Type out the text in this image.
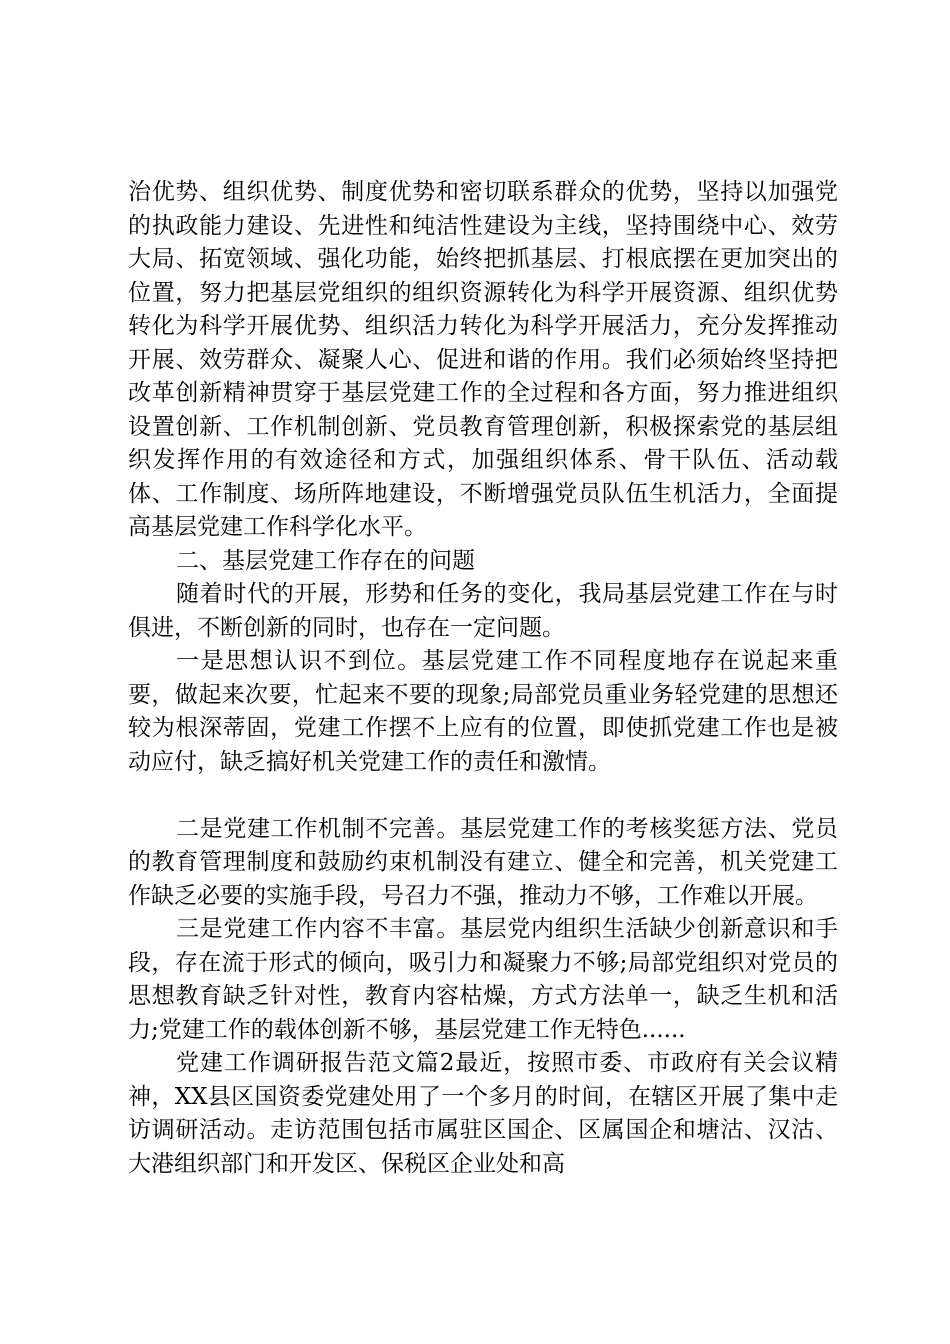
治优势、组织优势、制度优势和密切联系群众的优势，坚持以加强党的执政能力建设、先进性和纯洁性建设为主线，坚持围绕中心、效劳大局、拓宽领域、强化功能，始终把抓基层、打根底摆在更加突出的位置，努力把基层党组织的组织资源转化为科学开展资源、组织优势转化为科学开展优势、组织活力转化为科学开展活力，充分发挥推动开展、效劳群众、凝聚人心、促进和谐的作用。我们必须始终坚持把改革创新精神贯穿于基层党建工作的全过程和各方面，努力推进组织设置创新、工作机制创新、党员教育管理创新，积极探索党的基层组织发挥作用的有效途径和方式，加强组织体系、骨干队伍、活动载体、工作制度、场所阵地建设，不断增强党员队伍生机活力，全面提高基层党建工作科学化水平。

二、基层党建工作存在的问题

随着时代的开展，形势和任务的变化，我局基层党建工作在与时俱进，不断创新的同时，也存在一定问题。

一是思想认识不到位。基层党建工作不同程度地存在说起来重要，做起来次要，忙起来不要的现象;局部党员重业务轻党建的思想还较为根深蒂固，党建工作摆不上应有的位置，即使抓党建工作也是被动应付，缺乏搞好机关党建工作的责任和激情。

二是党建工作机制不完善。基层党建工作的考核奖惩方法、党员的教育管理制度和鼓励约束机制没有建立、健全和完善，机关党建工作缺乏必要的实施手段，号召力不强，推动力不够，工作难以开展。

三是党建工作内容不丰富。基层党内组织生活缺少创新意识和手段，存在流于形式的倾向，吸引力和凝聚力不够;局部党组织对党员的思想教育缺乏针对性，教育内容枯燥，方式方法单一，缺乏生机和活力;党建工作的载体创新不够，基层党建工作无特色......

党建工作调研报告范文篇2最近，按照市委、市政府有关会议精神，XX县区国资委党建处用了一个多月的时间，在辖区开展了集中走访调研活动。走访范围包括市属驻区国企、区属国企和塘沽、汉沽、大港组织部门和开发区、保税区企业处和高
